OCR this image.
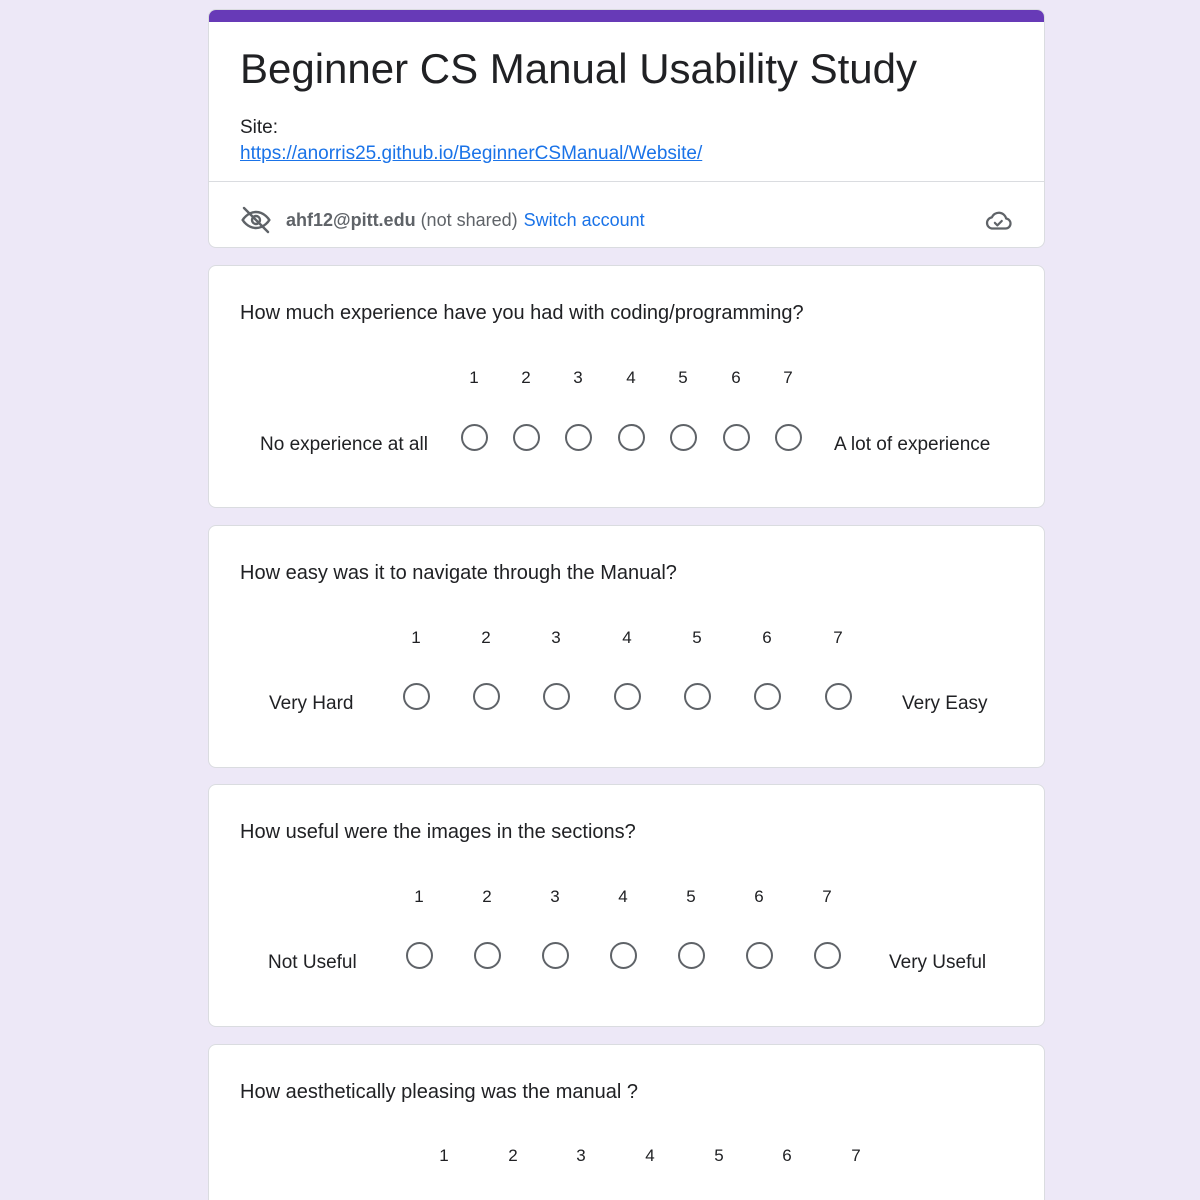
Beginner CS Manual Usability Study
Site:
https://anorris25.github.io/BeginnerCSManual/Website/
ahf12@pitt.edu (not shared) Switch account
How much experience have you had with coding/programming?
1	2	3	4	5	6	7
No experience at all	A lot of experience
How easy was it to navigate through the Manual?
1	2	3	4	5	6	7
Very Hard	Very Easy
How useful were the images in the sections?
1	2	3	4	5	6	7
Not Useful	Very Useful
How aesthetically pleasing was the manual ?
1	2	3	4	5	6	7
